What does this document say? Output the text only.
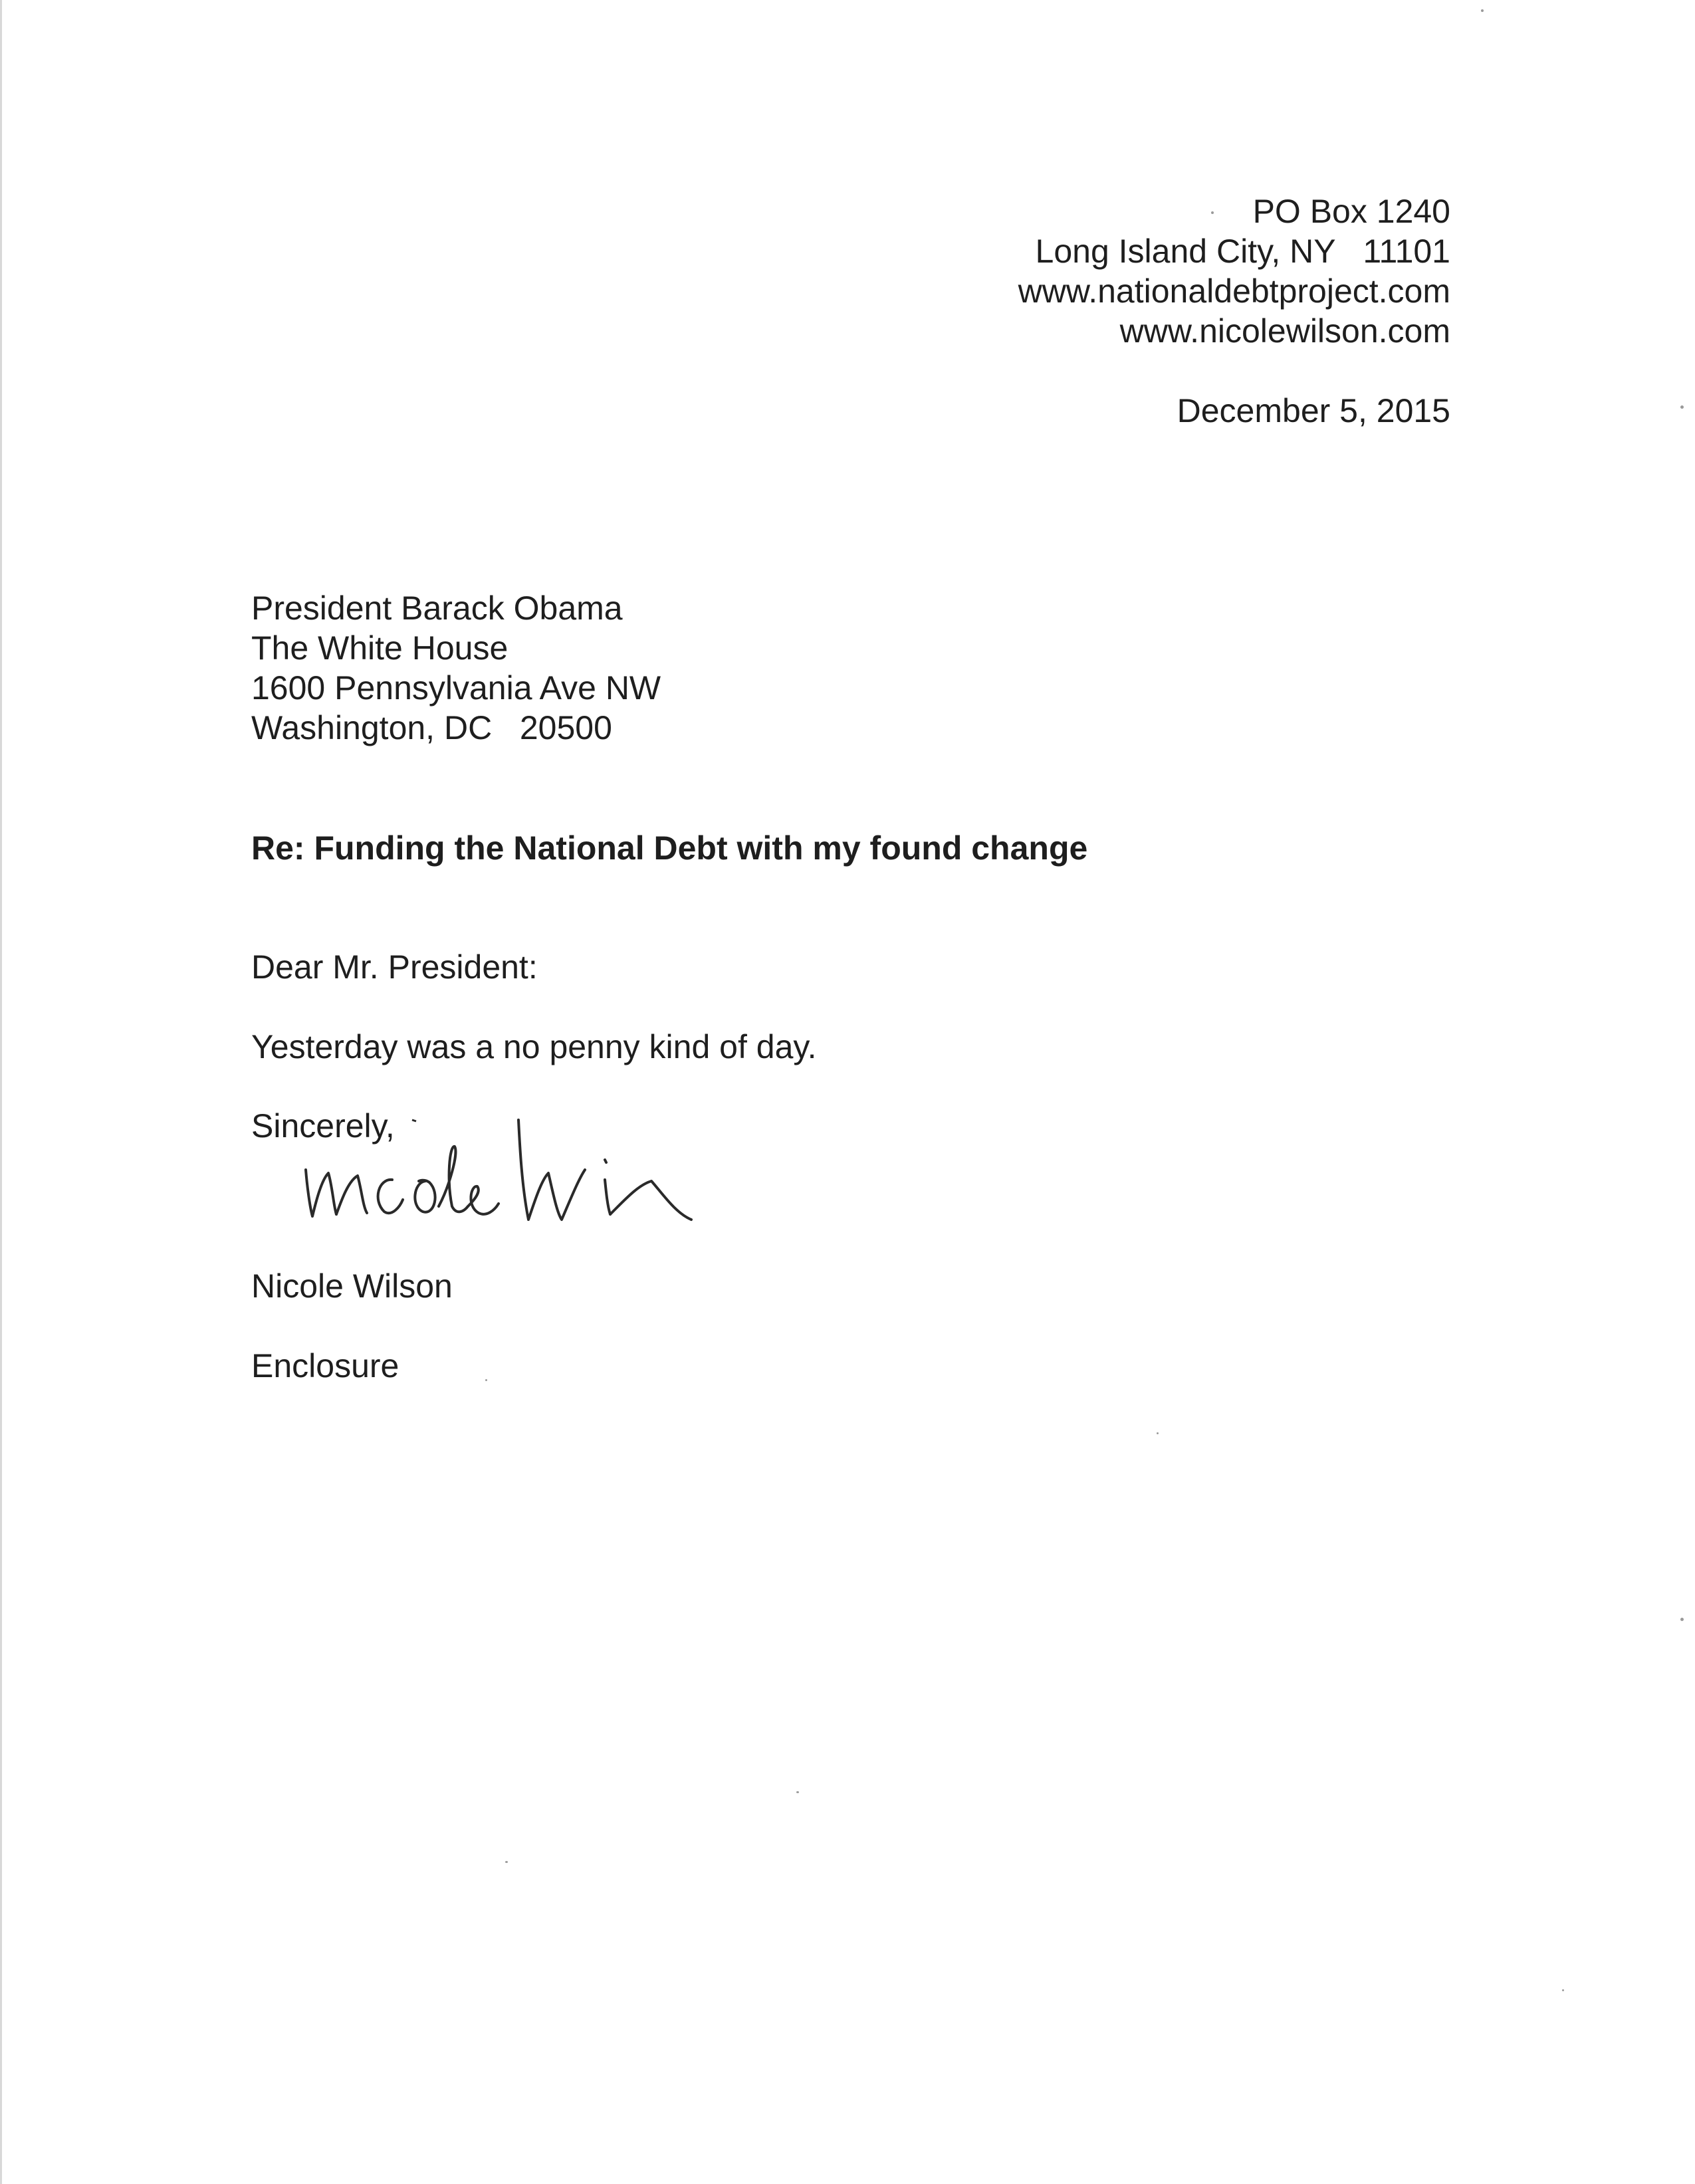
PO Box 1240
Long Island City, NY   11101
www.nationaldebtproject.com
www.nicolewilson.com
December 5, 2015
President Barack Obama
The White House
1600 Pennsylvania Ave NW
Washington, DC   20500
Re: Funding the National Debt with my found change
Dear Mr. President:
Yesterday was a no penny kind of day.
Sincerely,
Nicole Wilson
Enclosure
